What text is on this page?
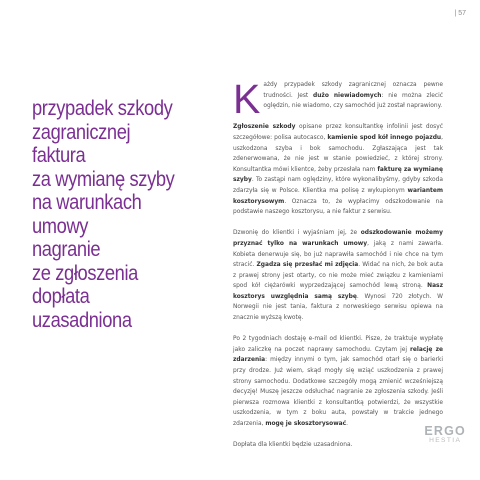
| 57
przypadek szkody
zagranicznej
faktura
za wymianę szyby
na warunkach
umowy
nagranie
ze zgłoszenia
dopłata
uzasadniona

K ażdy przypadek szkody zagranicznej oznacza pewne trudności. Jest dużo niewiadomych: nie można zlecić oględzin, nie wiadomo, czy samochód już został naprawiony.

Zgłoszenie szkody opisane przez konsultantkę infolinii jest dosyć szczegółowe: polisa autocasco, kamienie spod kół innego pojazdu, uszkodzona szyba i bok samochodu. Zgłaszająca jest tak zdenerwowana, że nie jest w stanie powiedzieć, z której strony. Konsultantka mówi klientce, żeby przesłała nam fakturę za wymianę szyby. To zastąpi nam oględziny, które wykonalibyśmy, gdyby szkoda zdarzyła się w Polsce. Klientka ma polisę z wykupionym wariantem kosztorysowym. Oznacza to, że wypłacimy odszkodowanie na podstawie naszego kosztorysu, a nie faktur z serwisu.

Dzwonię do klientki i wyjaśniam jej, że odszkodowanie możemy przyznać tylko na warunkach umowy, jaką z nami zawarła. Kobieta denerwuje się, bo już naprawiła samochód i nie chce na tym stracić. Zgadza się przesłać mi zdjęcia. Widać na nich, że bok auta z prawej strony jest otarty, co nie może mieć związku z kamieniami spod kół ciężarówki wyprzedzającej samochód lewą stroną. Nasz kosztorys uwzględnia samą szybę. Wynosi 720 złotych. W Norwegii nie jest tania, faktura z norweskiego serwisu opiewa na znacznie wyższą kwotę.

Po 2 tygodniach dostaję e-mail od klientki. Pisze, że traktuje wypłatę jako zaliczkę na poczet naprawy samochodu. Czytam jej relację ze zdarzenia: między innymi o tym, jak samochód otarł się o barierki przy drodze. Już wiem, skąd mogły się wziąć uszkodzenia z prawej strony samochodu. Dodatkowe szczegóły mogą zmienić wcześniejszą decyzję! Muszę jeszcze odsłuchać nagranie ze zgłoszenia szkody. Jeśli pierwsza rozmowa klientki z konsultantką potwierdzi, że wszystkie uszkodzenia, w tym z boku auta, powstały w trakcie jednego zdarzenia, mogę je skosztorysować.

Dopłata dla klientki będzie uzasadniona.

ERGO
HESTIA
